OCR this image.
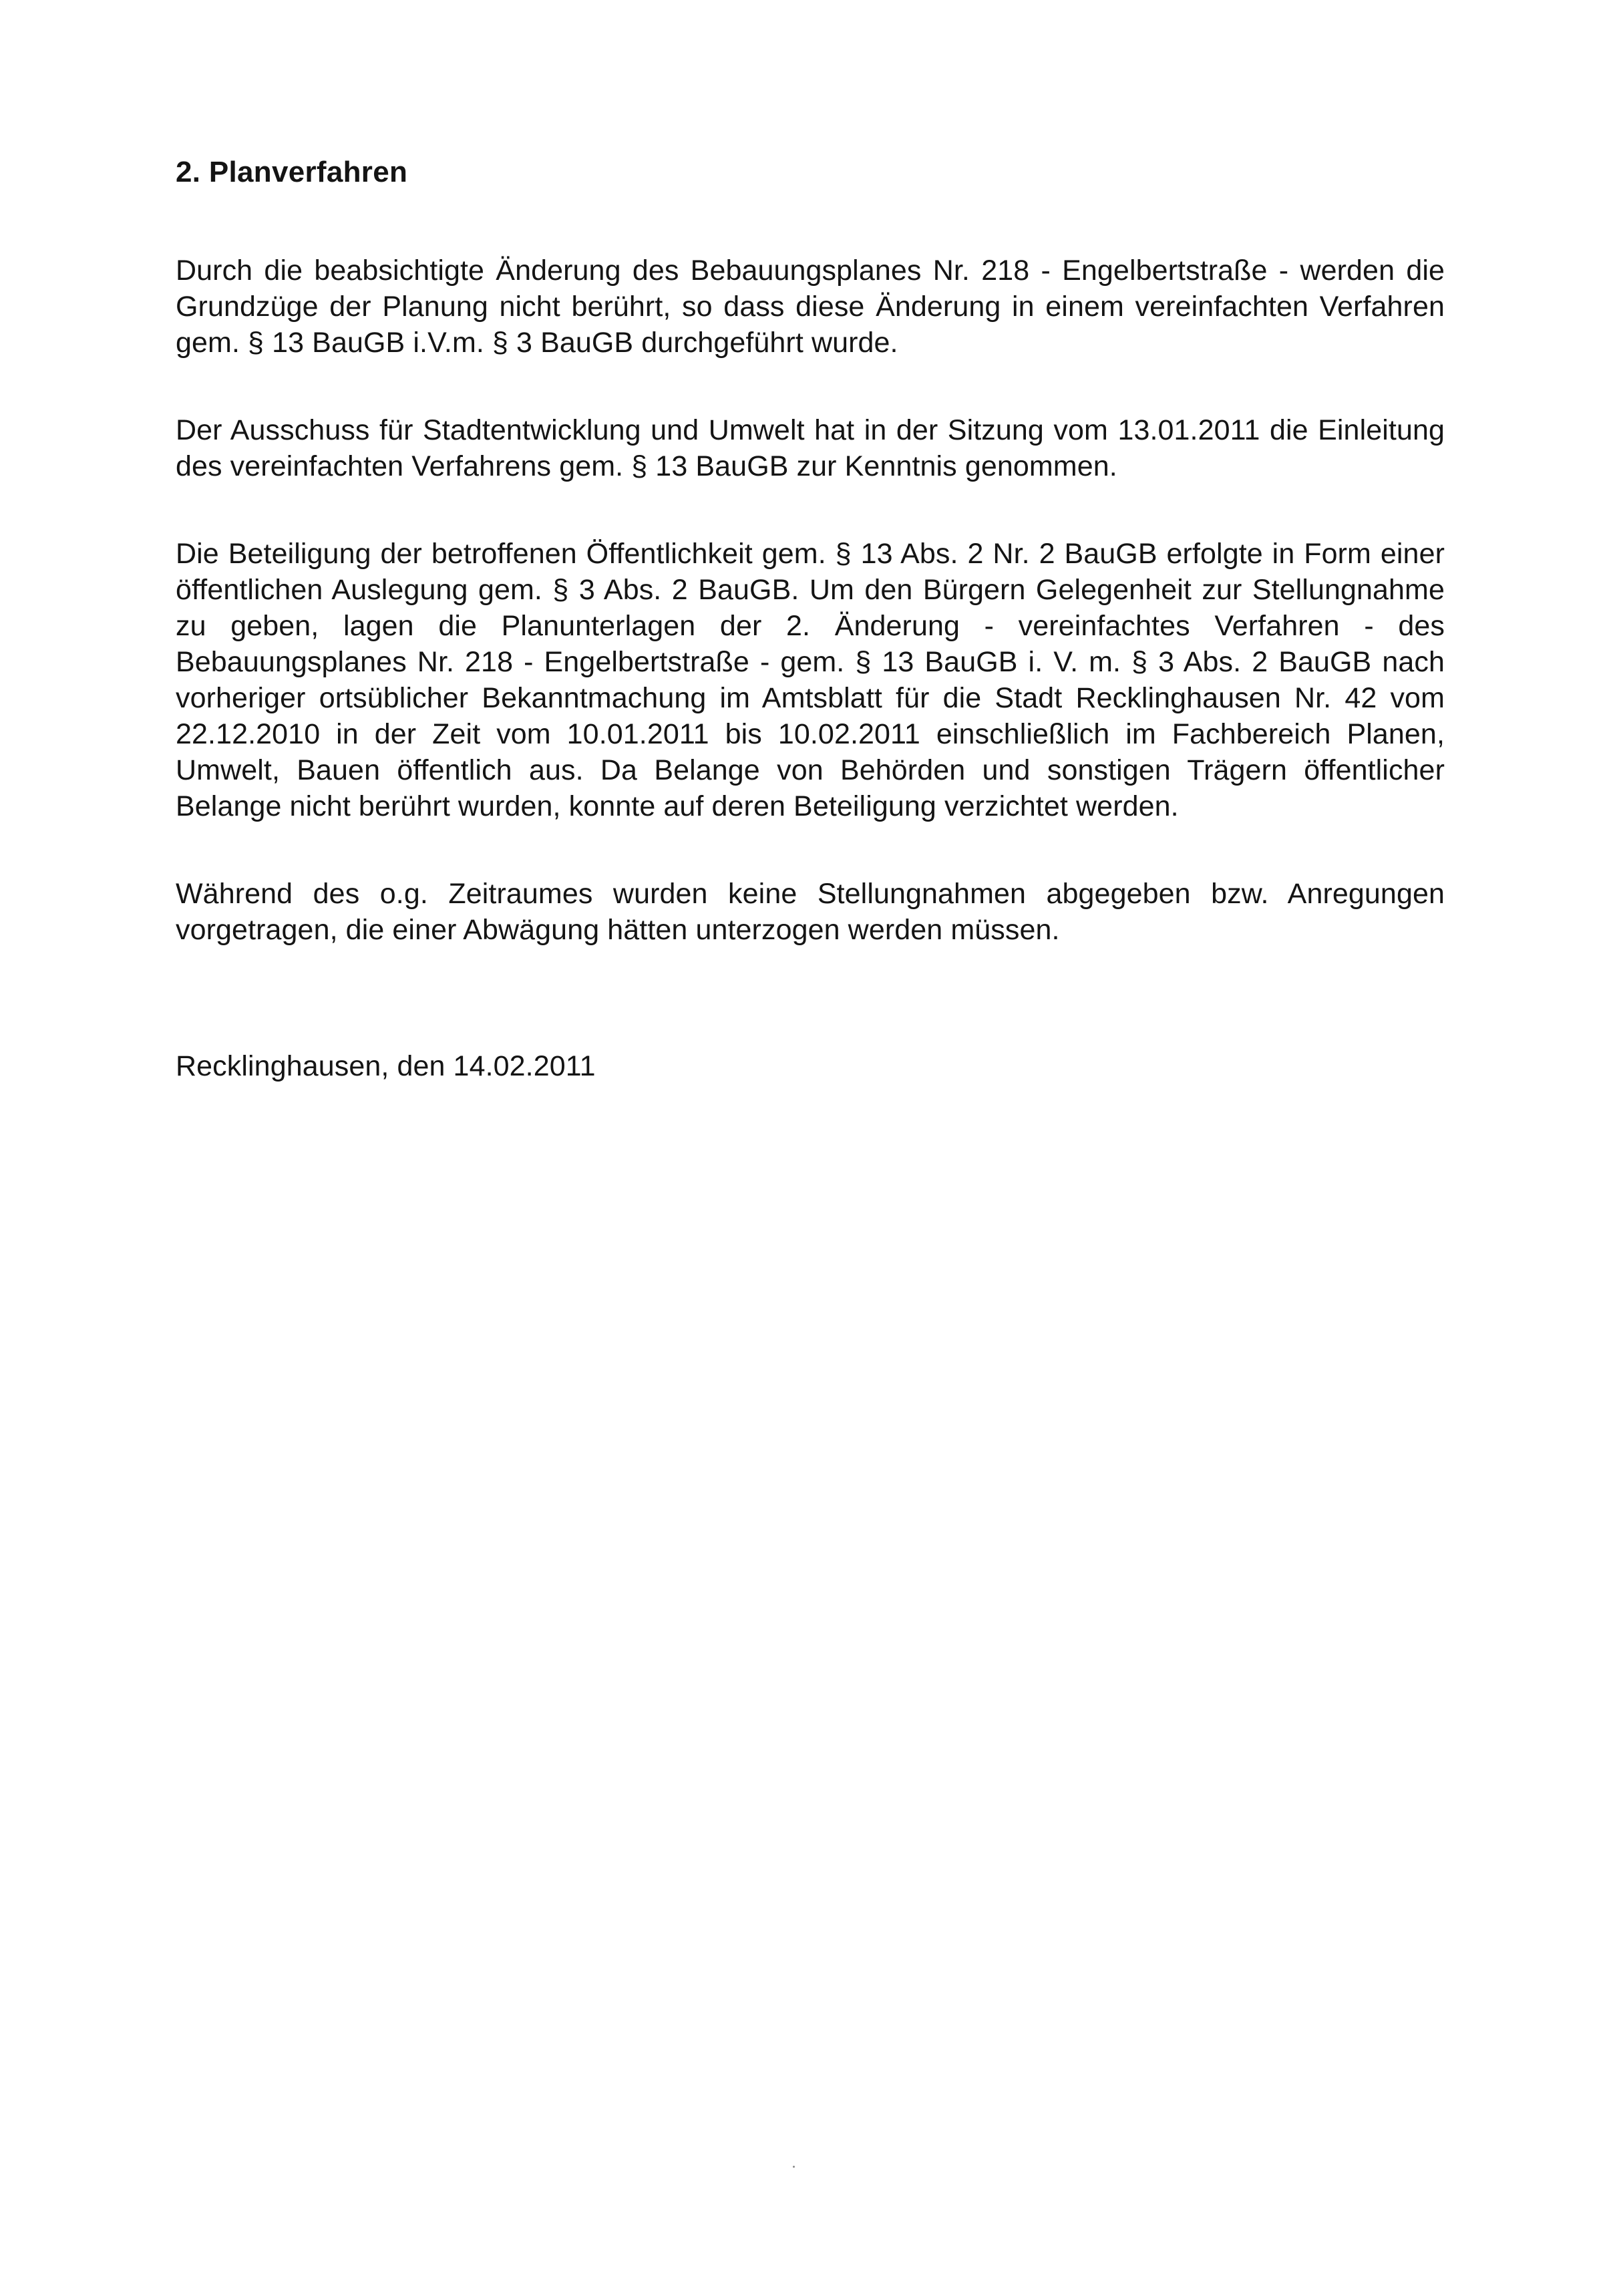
2. Planverfahren

Durch die beabsichtigte Änderung des Bebauungsplanes Nr. 218 - Engelbertstraße - werden die Grundzüge der Planung nicht berührt, so dass diese Änderung in einem vereinfachten Verfahren gem. § 13 BauGB i.V.m. § 3 BauGB durchgeführt wurde.

Der Ausschuss für Stadtentwicklung und Umwelt hat in der Sitzung vom 13.01.2011 die Einleitung des vereinfachten Verfahrens gem. § 13 BauGB zur Kenntnis genommen.

Die Beteiligung der betroffenen Öffentlichkeit gem. § 13 Abs. 2 Nr. 2 BauGB erfolgte in Form einer öffentlichen Auslegung gem. § 3 Abs. 2 BauGB. Um den Bürgern Gelegenheit zur Stellungnahme zu geben, lagen die Planunterlagen der 2. Änderung - vereinfachtes Verfahren - des Bebauungsplanes Nr. 218 - Engelbertstraße - gem. § 13 BauGB i. V. m. § 3 Abs. 2 BauGB nach vorheriger ortsüblicher Bekanntmachung im Amtsblatt für die Stadt Recklinghausen Nr. 42 vom 22.12.2010 in der Zeit vom 10.01.2011 bis 10.02.2011 einschließlich im Fachbereich Planen, Umwelt, Bauen öffentlich aus. Da Belange von Behörden und sonstigen Trägern öffentlicher Belange nicht berührt wurden, konnte auf deren Beteiligung verzichtet werden.

Während des o.g. Zeitraumes wurden keine Stellungnahmen abgegeben bzw. Anregungen vorgetragen, die einer Abwägung hätten unterzogen werden müssen.

Recklinghausen, den 14.02.2011
